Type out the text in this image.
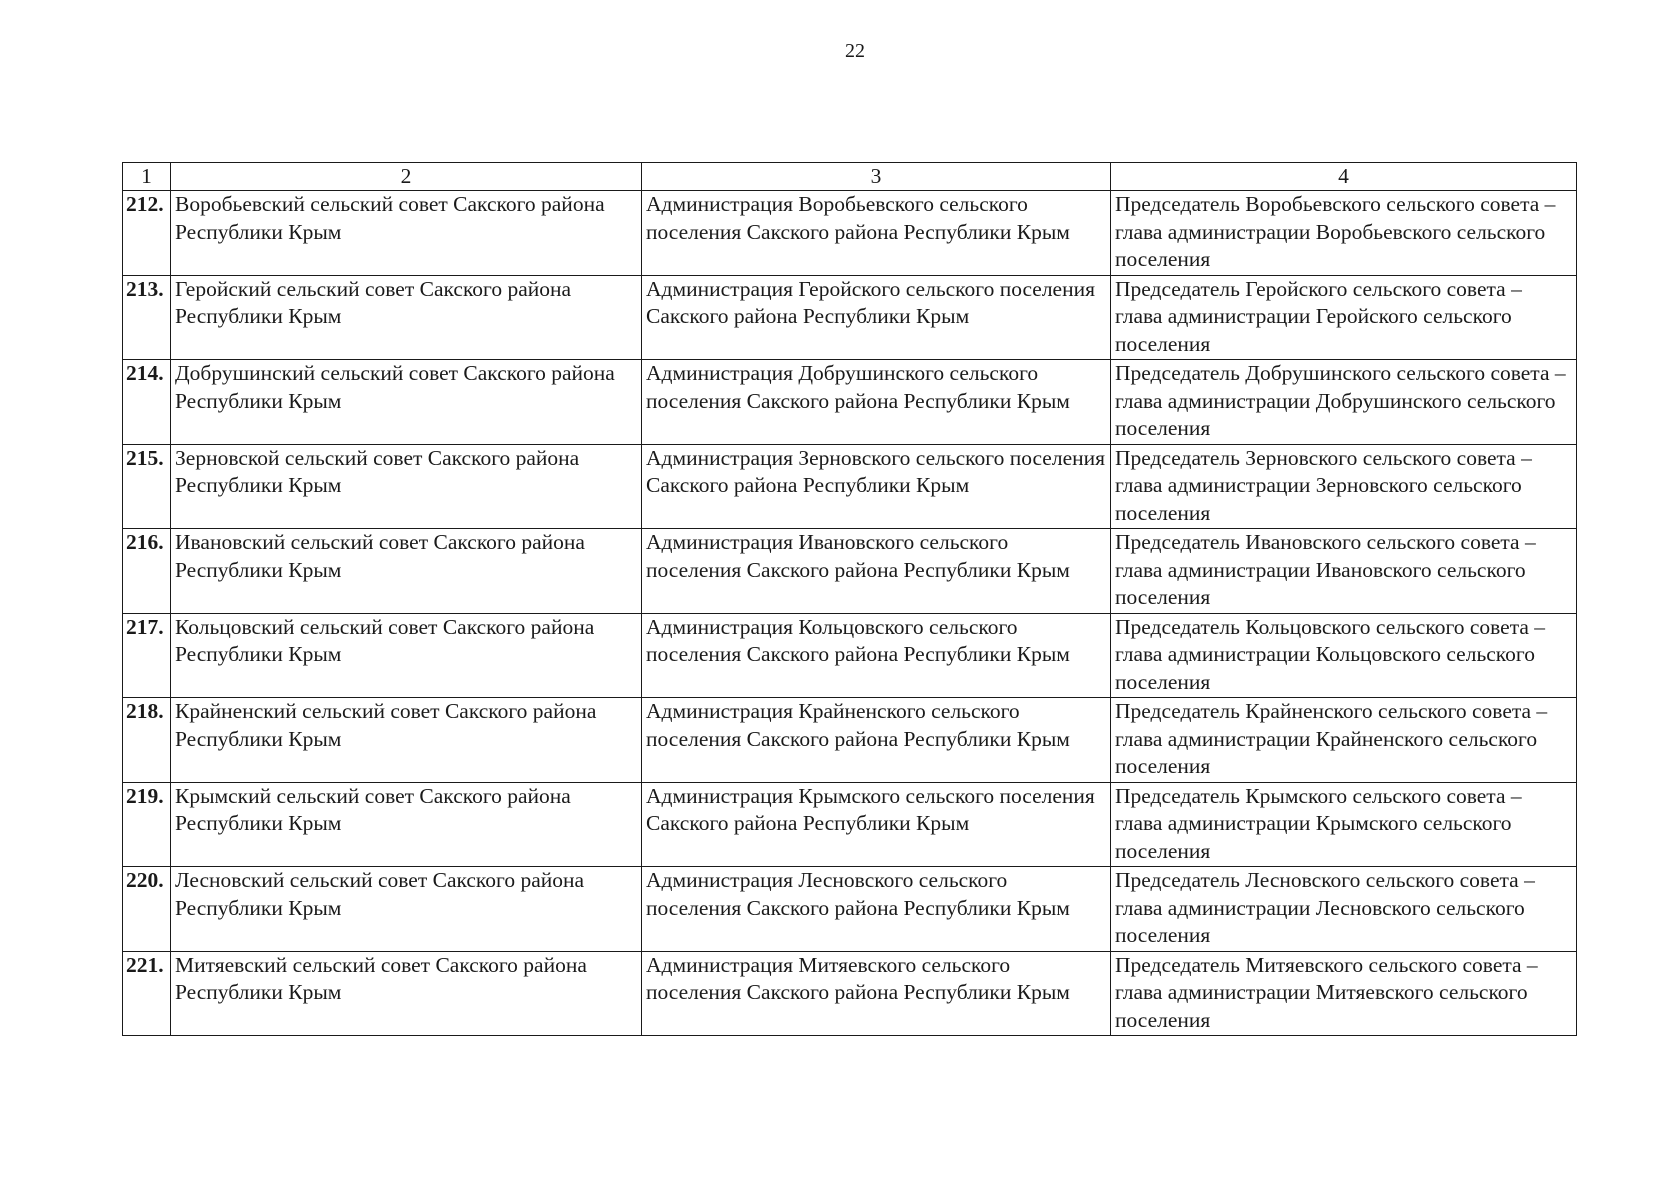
22
1	2	3	4
212.	Воробьевский сельский совет Сакского района Республики Крым	Администрация Воробьевского сельского поселения Сакского района Республики Крым	Председатель Воробьевского сельского совета – глава администрации Воробьевского сельского поселения
213.	Геройский сельский совет Сакского района Республики Крым	Администрация Геройского сельского поселения Сакского района Республики Крым	Председатель Геройского сельского совета – глава администрации Геройского сельского поселения
214.	Добрушинский сельский совет Сакского района Республики Крым	Администрация Добрушинского сельского поселения Сакского района Республики Крым	Председатель Добрушинского сельского совета – глава администрации Добрушинского сельского поселения
215.	Зерновской сельский совет Сакского района Республики Крым	Администрация Зерновского сельского поселения Сакского района Республики Крым	Председатель Зерновского сельского совета – глава администрации Зерновского сельского поселения
216.	Ивановский сельский совет Сакского района Республики Крым	Администрация Ивановского сельского поселения Сакского района Республики Крым	Председатель Ивановского сельского совета – глава администрации Ивановского сельского поселения
217.	Кольцовский сельский совет Сакского района Республики Крым	Администрация Кольцовского сельского поселения Сакского района Республики Крым	Председатель Кольцовского сельского совета – глава администрации Кольцовского сельского поселения
218.	Крайненский сельский совет Сакского района Республики Крым	Администрация Крайненского сельского поселения Сакского района Республики Крым	Председатель Крайненского сельского совета – глава администрации Крайненского сельского поселения
219.	Крымский сельский совет Сакского района Республики Крым	Администрация Крымского сельского поселения Сакского района Республики Крым	Председатель Крымского сельского совета – глава администрации Крымского сельского поселения
220.	Лесновский сельский совет Сакского района Республики Крым	Администрация Лесновского сельского поселения Сакского района Республики Крым	Председатель Лесновского сельского совета – глава администрации Лесновского сельского поселения
221.	Митяевский сельский совет Сакского района Республики Крым	Администрация Митяевского сельского поселения Сакского района Республики Крым	Председатель Митяевского сельского совета – глава администрации Митяевского сельского поселения
